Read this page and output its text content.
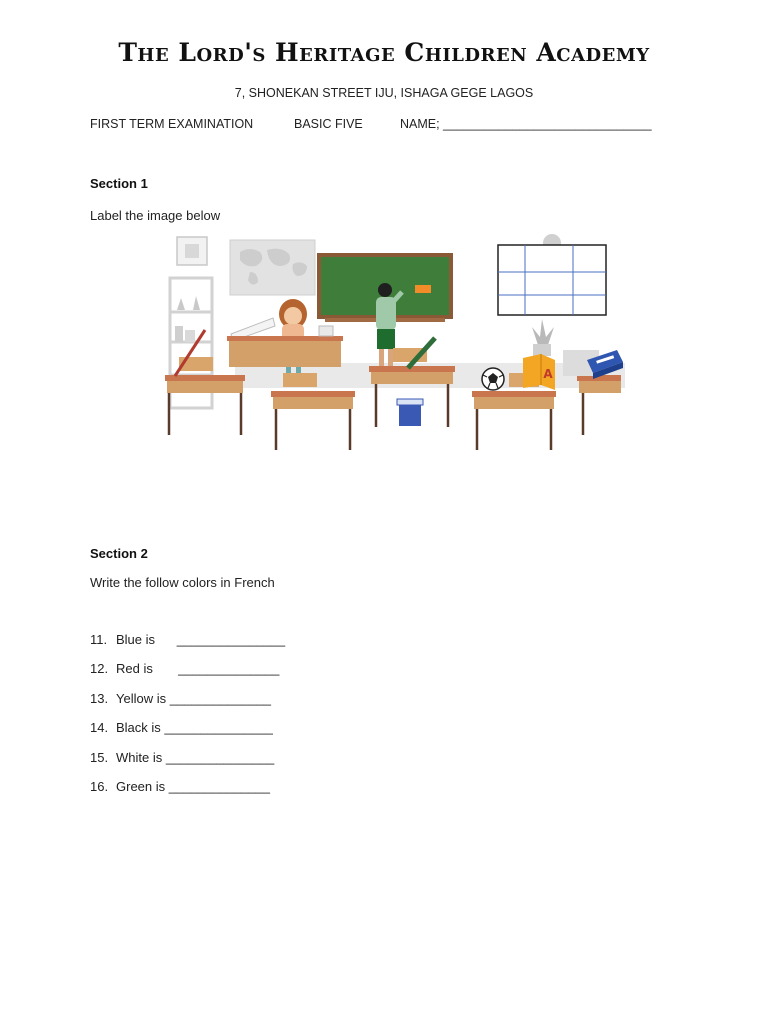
The Lord's Heritage Children Academy
7, SHONEKAN STREET IJU, ISHAGA GEGE LAGOS
FIRST TERM EXAMINATION	BASIC FIVE	NAME; ______________________________
Section 1
Label the image below
A
Section 2
Write the follow colors in French
11. Blue is      _______________
12. Red is       ______________
13. Yellow is ______________
14. Black is _______________
15. White is _______________
16. Green is ______________
